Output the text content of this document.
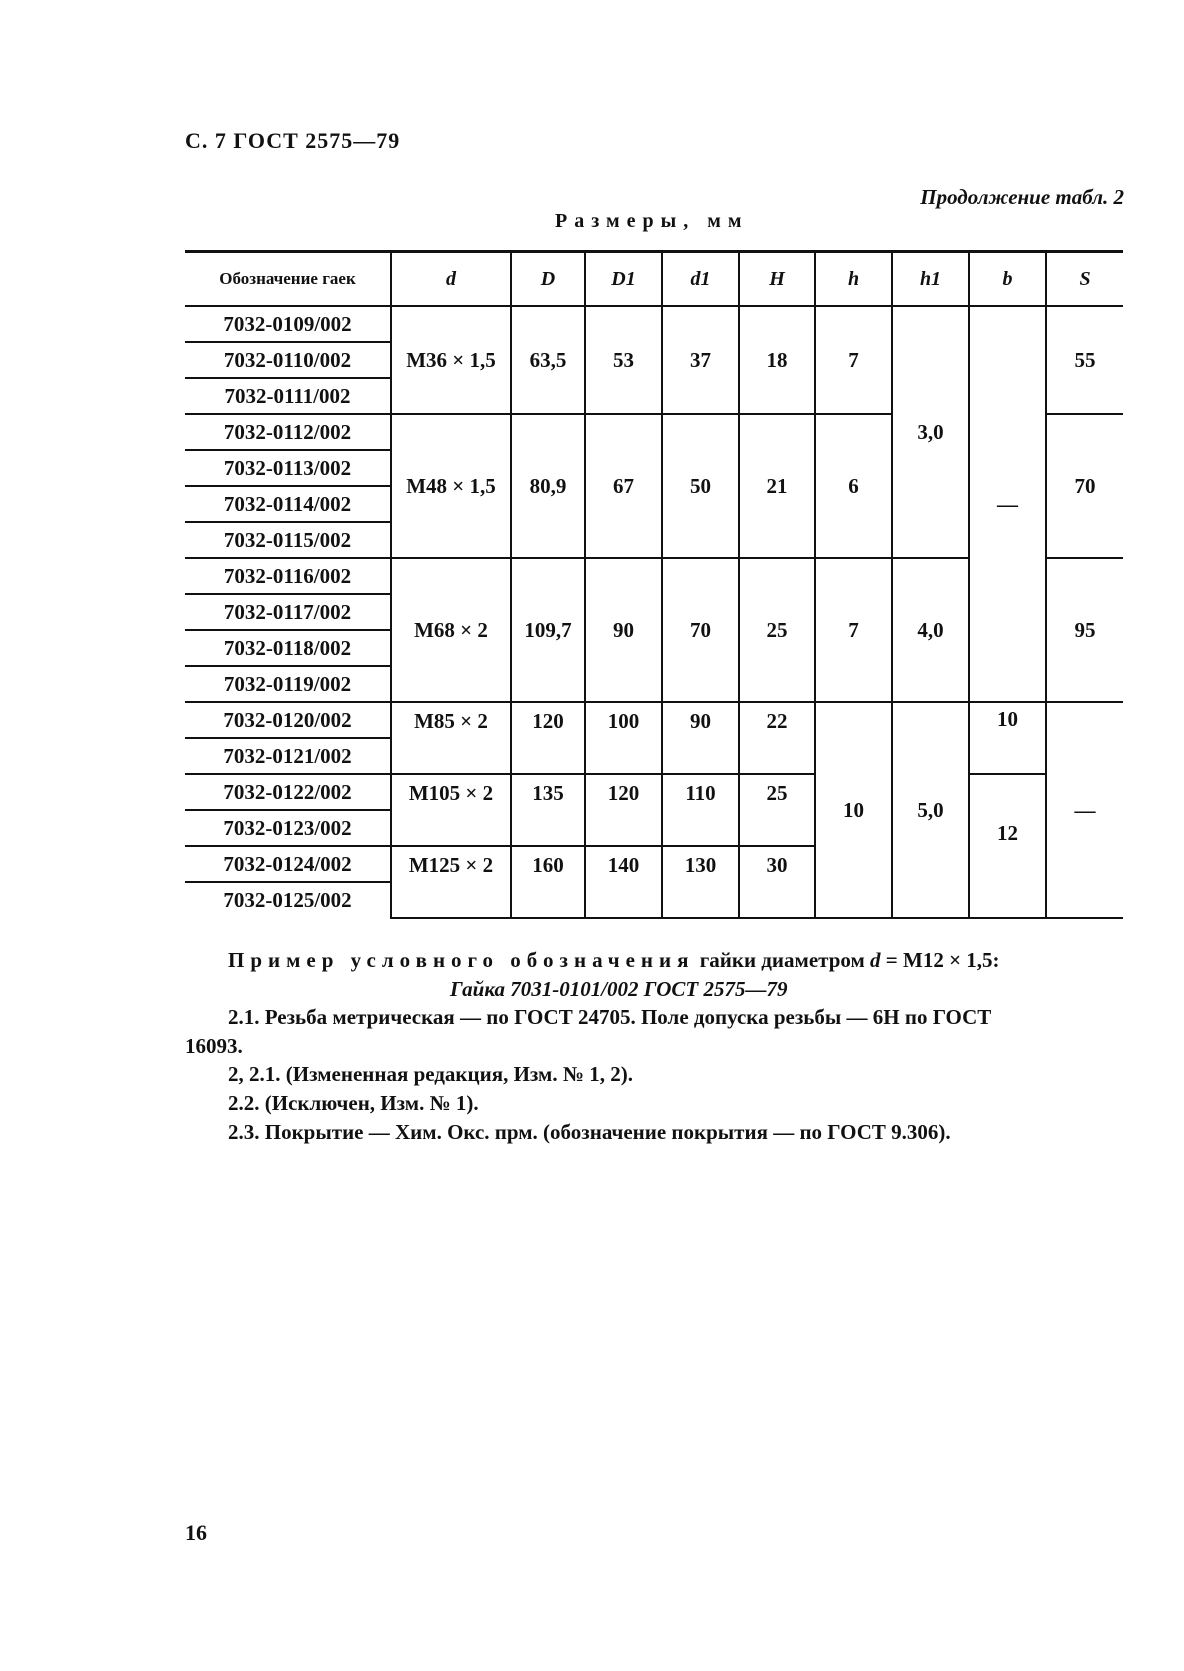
С. 7 ГОСТ 2575—79
Продолжение табл. 2
Размеры, мм
Обозначение гаек	d	D	D1	d1	H	h	h1	b	S
7032-0109/002	M36 × 1,5	63,5	53	37	18	7	3,0	—	55
7032-0110/002									
7032-0111/002									
7032-0112/002	M48 × 1,5	80,9	67	50	21	6			70
7032-0113/002									
7032-0114/002									
7032-0115/002									
7032-0116/002	M68 × 2	109,7	90	70	25	7	4,0		95
7032-0117/002									
7032-0118/002									
7032-0119/002									
7032-0120/002	M85 × 2	120	100	90	22	10	5,0	10	—
7032-0121/002									
7032-0122/002	M105 × 2	135	120	110	25			12	
7032-0123/002									
7032-0124/002	M125 × 2	160	140	130	30				
7032-0125/002									
Пример условного обозначения гайки диаметром d = M12 × 1,5:
Гайка 7031-0101/002 ГОСТ 2575—79
2.1. Резьба метрическая — по ГОСТ 24705. Поле допуска резьбы — 6H по ГОСТ
16093.
2, 2.1. (Измененная редакция, Изм. № 1, 2).
2.2. (Исключен, Изм. № 1).
2.3. Покрытие — Хим. Окс. прм. (обозначение покрытия — по ГОСТ 9.306).
16
